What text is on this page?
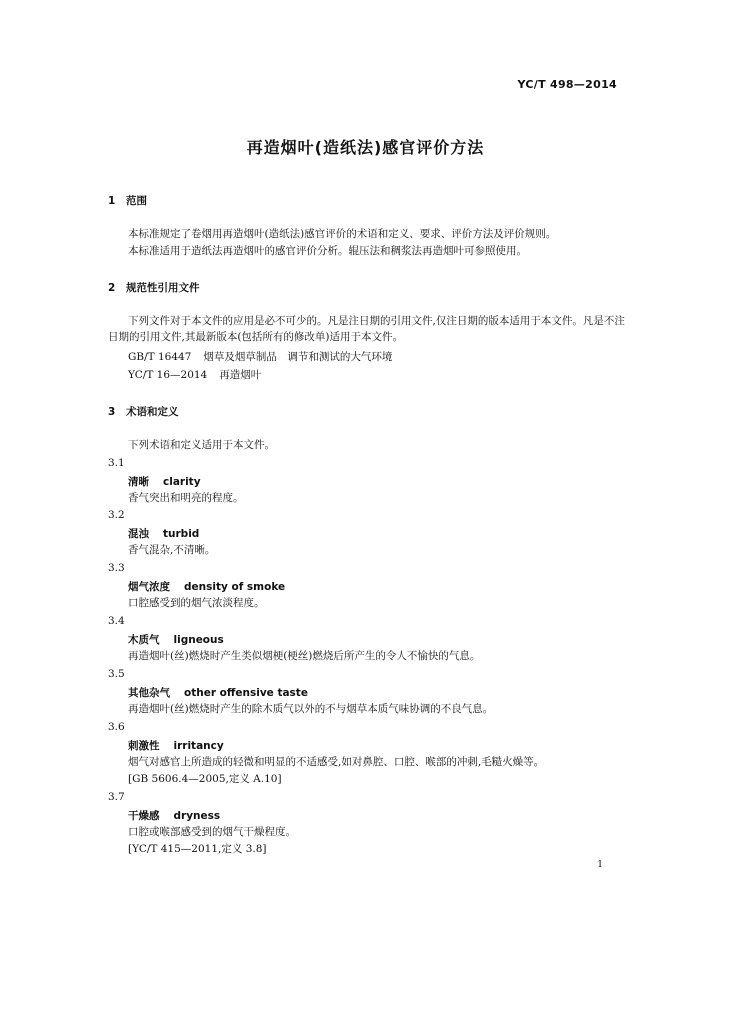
YC/T 498—2014
再造烟叶(造纸法)感官评价方法
1 范围
本标准规定了卷烟用再造烟叶(造纸法)感官评价的术语和定义、要求、评价方法及评价规则。
本标准适用于造纸法再造烟叶的感官评价分析。辊压法和稠浆法再造烟叶可参照使用。
2 规范性引用文件
下列文件对于本文件的应用是必不可少的。凡是注日期的引用文件,仅注日期的版本适用于本文件。凡是不注日期的引用文件,其最新版本(包括所有的修改单)适用于本文件。
GB/T 16447 烟草及烟草制品　调节和测试的大气环境
YC/T 16—2014 再造烟叶
3 术语和定义
下列术语和定义适用于本文件。
3.1
清晰 clarity
香气突出和明亮的程度。
3.2
混浊 turbid
香气混杂,不清晰。
3.3
烟气浓度 density of smoke
口腔感受到的烟气浓淡程度。
3.4
木质气 ligneous
再造烟叶(丝)燃烧时产生类似烟梗(梗丝)燃烧后所产生的令人不愉快的气息。
3.5
其他杂气 other offensive taste
再造烟叶(丝)燃烧时产生的除木质气以外的不与烟草本质气味协调的不良气息。
3.6
刺激性 irritancy
烟气对感官上所造成的轻微和明显的不适感受,如对鼻腔、口腔、喉部的冲刺,毛糙火燥等。
[GB 5606.4—2005,定义 A.10]
3.7
干燥感 dryness
口腔或喉部感受到的烟气干燥程度。
[YC/T 415—2011,定义 3.8]
1
